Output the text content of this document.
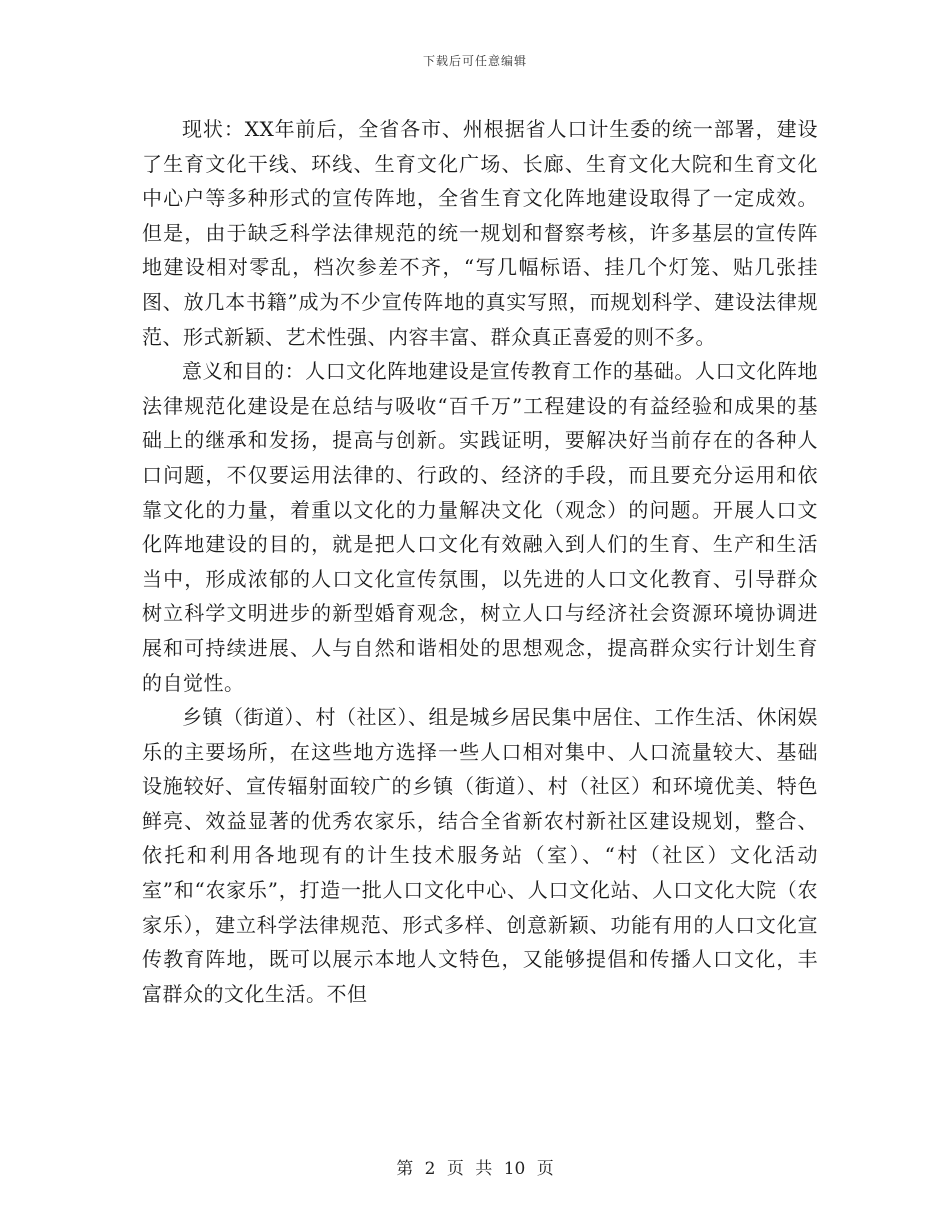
下载后可任意编辑

现状：XX年前后，全省各市、州根据省人口计生委的统一部署，建设了生育文化干线、环线、生育文化广场、长廊、生育文化大院和生育文化中心户等多种形式的宣传阵地，全省生育文化阵地建设取得了一定成效。但是，由于缺乏科学法律规范的统一规划和督察考核，许多基层的宣传阵地建设相对零乱，档次参差不齐，“写几幅标语、挂几个灯笼、贴几张挂图、放几本书籍”成为不少宣传阵地的真实写照，而规划科学、建设法律规范、形式新颖、艺术性强、内容丰富、群众真正喜爱的则不多。

意义和目的：人口文化阵地建设是宣传教育工作的基础。人口文化阵地法律规范化建设是在总结与吸收“百千万”工程建设的有益经验和成果的基础上的继承和发扬，提高与创新。实践证明，要解决好当前存在的各种人口问题，不仅要运用法律的、行政的、经济的手段，而且要充分运用和依靠文化的力量，着重以文化的力量解决文化（观念）的问题。开展人口文化阵地建设的目的，就是把人口文化有效融入到人们的生育、生产和生活当中，形成浓郁的人口文化宣传氛围，以先进的人口文化教育、引导群众树立科学文明进步的新型婚育观念，树立人口与经济社会资源环境协调进展和可持续进展、人与自然和谐相处的思想观念，提高群众实行计划生育的自觉性。

乡镇（街道）、村（社区）、组是城乡居民集中居住、工作生活、休闲娱乐的主要场所，在这些地方选择一些人口相对集中、人口流量较大、基础设施较好、宣传辐射面较广的乡镇（街道）、村（社区）和环境优美、特色鲜亮、效益显著的优秀农家乐，结合全省新农村新社区建设规划，整合、依托和利用各地现有的计生技术服务站（室）、“村（社区）文化活动室”和“农家乐”，打造一批人口文化中心、人口文化站、人口文化大院（农家乐），建立科学法律规范、形式多样、创意新颖、功能有用的人口文化宣传教育阵地，既可以展示本地人文特色，又能够提倡和传播人口文化，丰富群众的文化生活。不但

第 2 页 共 10 页
